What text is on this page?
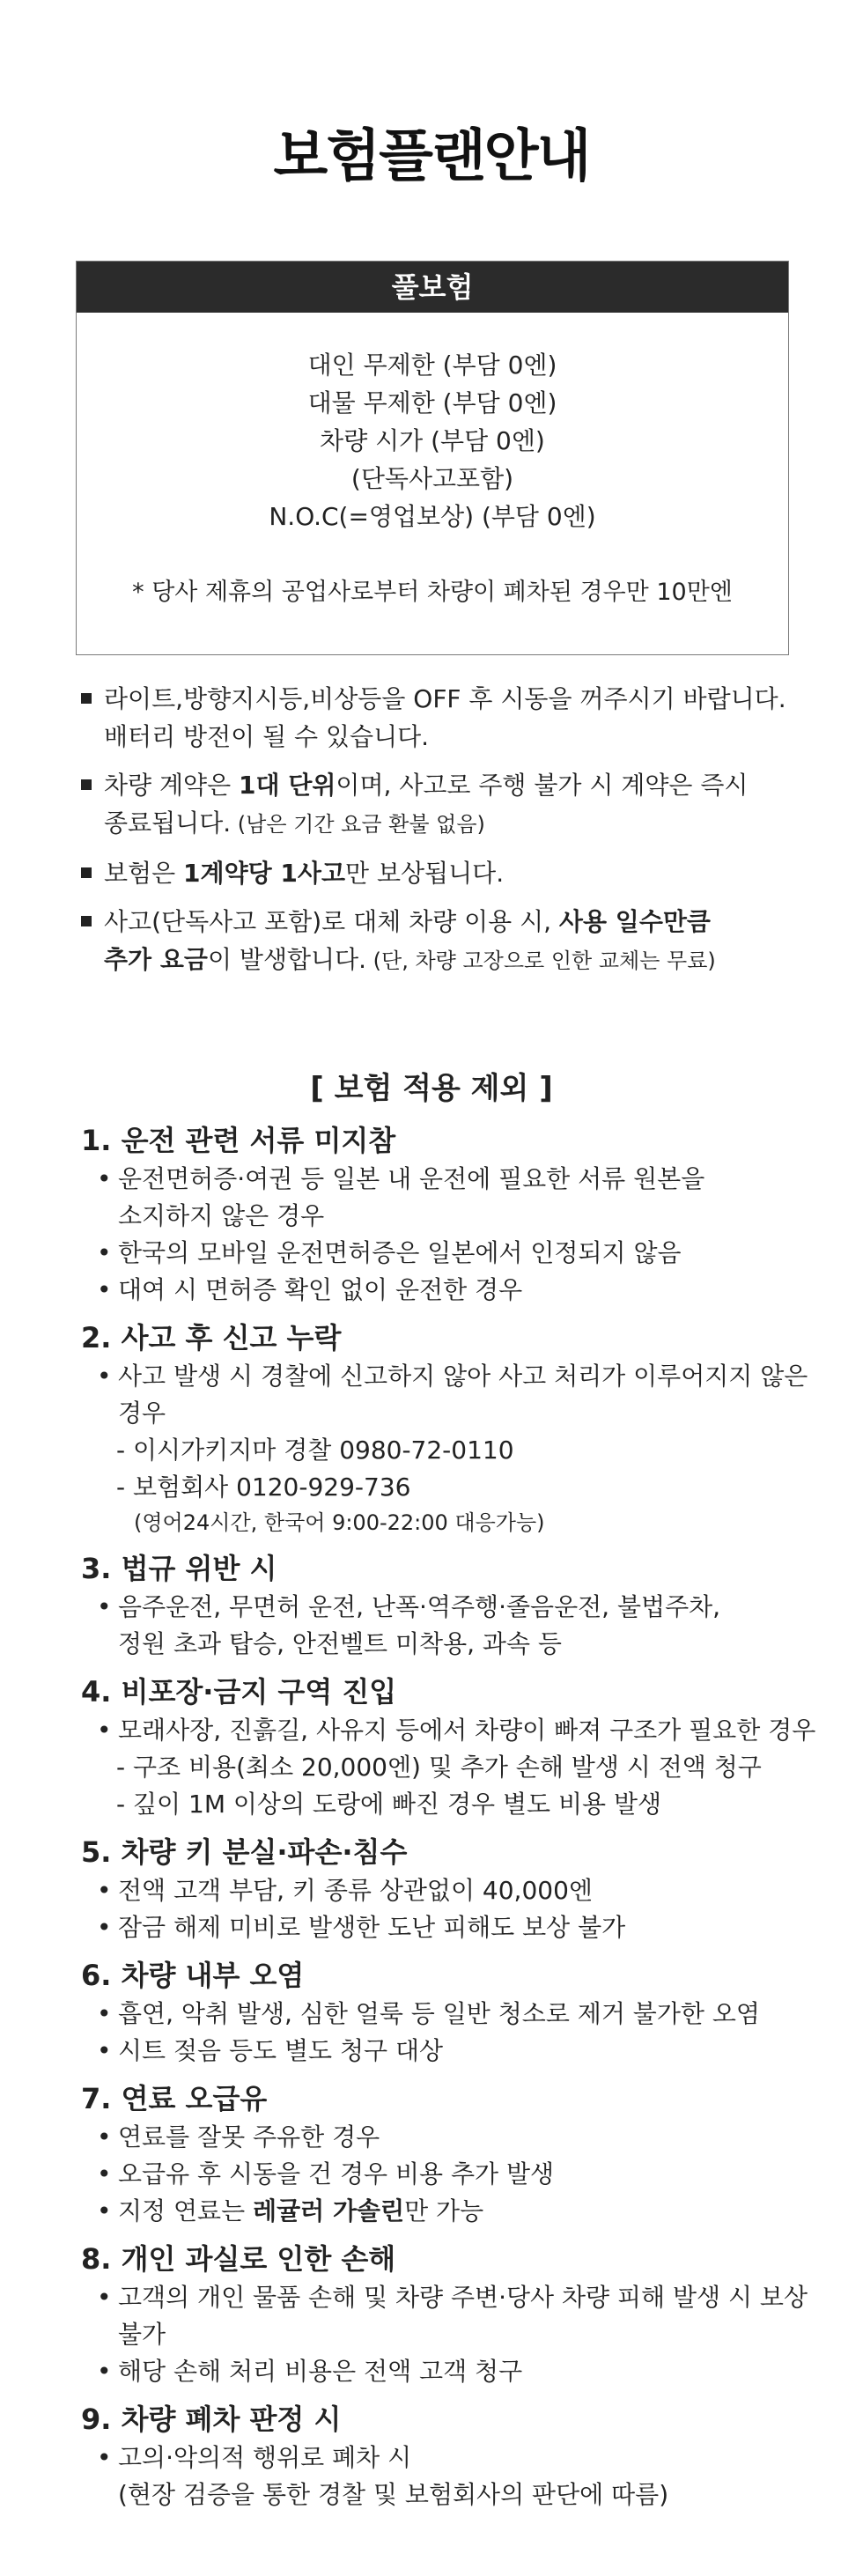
보험플랜안내
풀보험
대인 무제한 (부담 0엔)
대물 무제한 (부담 0엔)
차량 시가 (부담 0엔)
(단독사고포함)
N.O.C(=영업보상) (부담 0엔)
* 당사 제휴의 공업사로부터 차량이 폐차된 경우만 10만엔
라이트,방향지시등,비상등을 OFF 후 시동을 꺼주시기 바랍니다.
배터리 방전이 될 수 있습니다.
차량 계약은 1대 단위이며, 사고로 주행 불가 시 계약은 즉시
종료됩니다. (남은 기간 요금 환불 없음)
보험은 1계약당 1사고만 보상됩니다.
사고(단독사고 포함)로 대체 차량 이용 시, 사용 일수만큼
추가 요금이 발생합니다. (단, 차량 고장으로 인한 교체는 무료)
[ 보험 적용 제외 ]
1. 운전 관련 서류 미지참
• 운전면허증·여권 등 일본 내 운전에 필요한 서류 원본을
소지하지 않은 경우
• 한국의 모바일 운전면허증은 일본에서 인정되지 않음
• 대여 시 면허증 확인 없이 운전한 경우
2. 사고 후 신고 누락
• 사고 발생 시 경찰에 신고하지 않아 사고 처리가 이루어지지 않은 경우
- 이시가키지마 경찰 0980-72-0110
- 보험회사 0120-929-736
(영어24시간, 한국어 9:00-22:00 대응가능)
3. 법규 위반 시
• 음주운전, 무면허 운전, 난폭·역주행·졸음운전, 불법주차,
정원 초과 탑승, 안전벨트 미착용, 과속 등
4. 비포장·금지 구역 진입
• 모래사장, 진흙길, 사유지 등에서 차량이 빠져 구조가 필요한 경우
- 구조 비용(최소 20,000엔) 및 추가 손해 발생 시 전액 청구
- 깊이 1M 이상의 도랑에 빠진 경우 별도 비용 발생
5. 차량 키 분실·파손·침수
• 전액 고객 부담, 키 종류 상관없이 40,000엔
• 잠금 해제 미비로 발생한 도난 피해도 보상 불가
6. 차량 내부 오염
• 흡연, 악취 발생, 심한 얼룩 등 일반 청소로 제거 불가한 오염
• 시트 젖음 등도 별도 청구 대상
7. 연료 오급유
• 연료를 잘못 주유한 경우
• 오급유 후 시동을 건 경우 비용 추가 발생
• 지정 연료는 레귤러 가솔린만 가능
8. 개인 과실로 인한 손해
• 고객의 개인 물품 손해 및 차량 주변·당사 차량 피해 발생 시 보상 불가
• 해당 손해 처리 비용은 전액 고객 청구
9. 차량 폐차 판정 시
• 고의·악의적 행위로 폐차 시
(현장 검증을 통한 경찰 및 보험회사의 판단에 따름)
